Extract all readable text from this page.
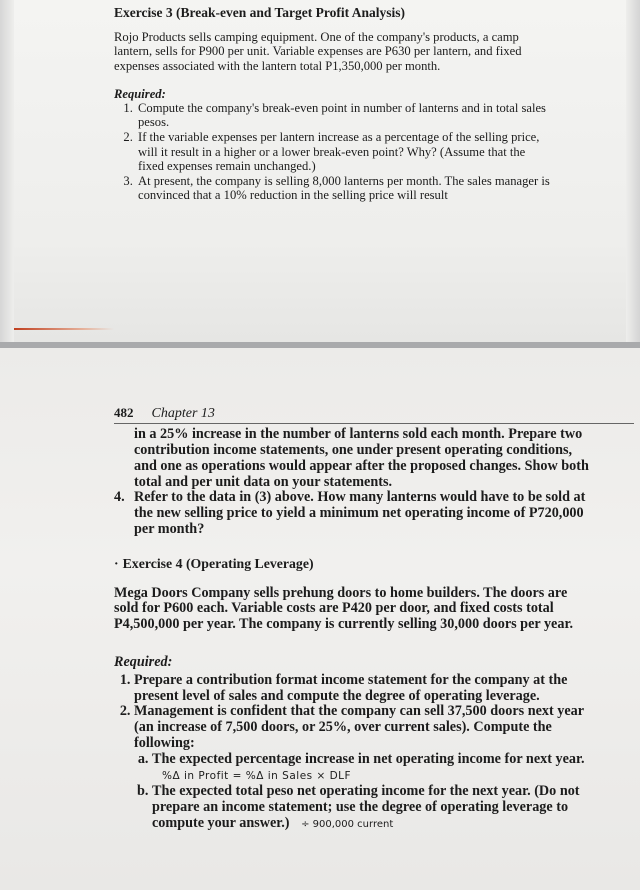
Exercise 3 (Break-even and Target Profit Analysis)

Rojo Products sells camping equipment. One of the company's products, a camp lantern, sells for P900 per unit. Variable expenses are P630 per lantern, and fixed expenses associated with the lantern total P1,350,000 per month.

Required:

1. Compute the company's break-even point in number of lanterns and in total sales pesos.
2. If the variable expenses per lantern increase as a percentage of the selling price, will it result in a higher or a lower break-even point? Why? (Assume that the fixed expenses remain unchanged.)
3. At present, the company is selling 8,000 lanterns per month. The sales manager is convinced that a 10% reduction in the selling price will result
482 Chapter 13

in a 25% increase in the number of lanterns sold each month. Prepare two contribution income statements, one under present operating conditions, and one as operations would appear after the proposed changes. Show both total and per unit data on your statements.

4. Refer to the data in (3) above. How many lanterns would have to be sold at the new selling price to yield a minimum net operating income of P720,000 per month?

· Exercise 4 (Operating Leverage)

Mega Doors Company sells prehung doors to home builders. The doors are sold for P600 each. Variable costs are P420 per door, and fixed costs total P4,500,000 per year. The company is currently selling 30,000 doors per year.

Required:

1. Prepare a contribution format income statement for the company at the present level of sales and compute the degree of operating leverage.
2. Management is confident that the company can sell 37,500 doors next year (an increase of 7,500 doors, or 25%, over current sales). Compute the following:
a. The expected percentage increase in net operating income for next year. %Δ in Profit = %Δ in Sales × DLF
b. The expected total peso net operating income for the next year. (Do not prepare an income statement; use the degree of operating leverage to compute your answer.) ÷ 900,000 current
